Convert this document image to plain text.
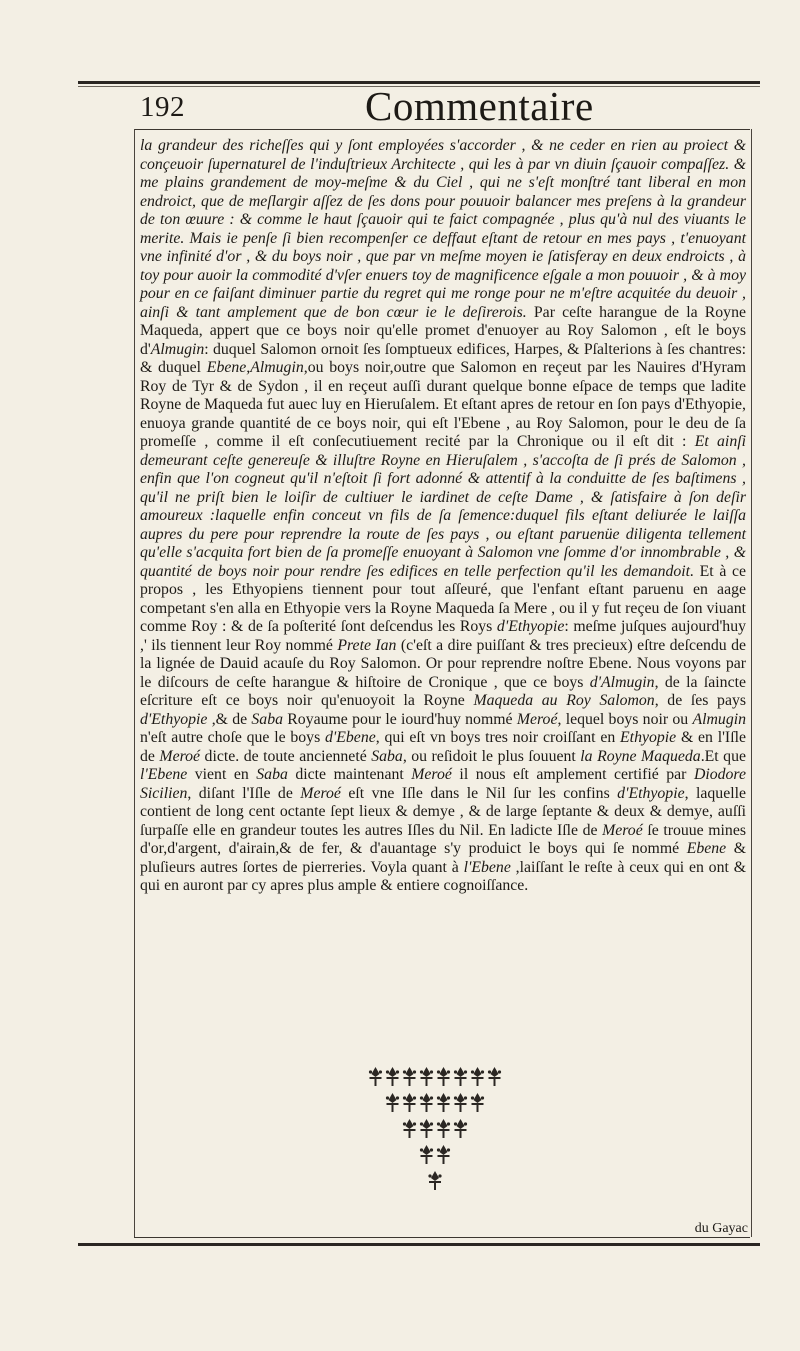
192	Commentaire

la grandeur des richeſſes qui y ſont employées s'accorder , & ne ceder en rien au proiect & conçeuoir ſupernaturel de l'induſtrieux Architecte , qui les à par vn diuin ſçauoir compaſſez. & me plains grandement de moy-meſme & du Ciel , qui ne s'eſt monſtré tant liberal en mon endroict, que de meſlargir aſſez de ſes dons pour pouuoir balancer mes preſens à la grandeur de ton œuure : & comme le haut ſçauoir qui te faict compagnée , plus qu'à nul des viuants le merite. Mais ie penſe ſi bien recompenſer ce deffaut eſtant de retour en mes pays , t'enuoyant vne infinité d'or , & du boys noir , que par vn meſme moyen ie ſatisferay en deux endroicts , à toy pour auoir la commodité d'vſer enuers toy de magnificence eſgale a mon pouuoir , & à moy pour en ce faiſant diminuer partie du regret qui me ronge pour ne m'eſtre acquitée du deuoir , ainſi & tant amplement que de bon cœur ie le deſirerois. Par ceſte harangue de la Royne Maqueda, appert que ce boys noir qu'elle promet d'enuoyer au Roy Salomon , eſt le boys d'Almugin: duquel Salomon ornoit ſes ſomptueux edifices, Harpes, & Pſalterions à ſes chantres: & duquel Ebene,Almugin,ou boys noir,outre que Salomon en reçeut par les Nauires d'Hyram Roy de Tyr & de Sydon , il en reçeut auſſi durant quelque bonne eſpace de temps que ladite Royne de Maqueda fut auec luy en Hieruſalem. Et eſtant apres de retour en ſon pays d'Ethyopie, enuoya grande quantité de ce boys noir, qui eſt l'Ebene , au Roy Salomon, pour le deu de ſa promeſſe , comme il eſt conſecutiuement recité par la Chronique ou il eſt dit : Et ainſi demeurant ceſte genereuſe & illuſtre Royne en Hieruſalem , s'accoſta de ſi prés de Salomon , enfin que l'on cogneut qu'il n'eſtoit ſi fort adonné & attentif à la conduitte de ſes baſtimens , qu'il ne priſt bien le loiſir de cultiuer le iardinet de ceſte Dame , & ſatisfaire à ſon deſir amoureux :laquelle enfin conceut vn fils de ſa ſemence:duquel fils eſtant deliurée le laiſſa aupres du pere pour reprendre la route de ſes pays , ou eſtant paruenüe diligenta tellement qu'elle s'acquita fort bien de ſa promeſſe enuoyant à Salomon vne ſomme d'or innombrable , & quantité de boys noir pour rendre ſes edifices en telle perfection qu'il les demandoit. Et à ce propos , les Ethyopiens tiennent pour tout aſſeuré, que l'enfant eſtant paruenu en aage competant s'en alla en Ethyopie vers la Royne Maqueda ſa Mere , ou il y fut reçeu de ſon viuant comme Roy : & de ſa poſterité ſont deſcendus les Roys d'Ethyopie: meſme juſques aujourd'huy ,' ils tiennent leur Roy nommé Prete Ian (c'eſt a dire puiſſant & tres precieux) eſtre deſcendu de la lignée de Dauid acauſe du Roy Salomon. Or pour reprendre noſtre Ebene. Nous voyons par le diſcours de ceſte harangue & hiſtoire de Cronique , que ce boys d'Almugin, de la ſaincte eſcriture eſt ce boys noir qu'enuoyoit la Royne Maqueda au Roy Salomon, de ſes pays d'Ethyopie ,& de Saba Royaume pour le iourd'huy nommé Meroé, lequel boys noir ou Almugin n'eſt autre choſe que le boys d'Ebene, qui eſt vn boys tres noir croiſſant en Ethyopie & en l'Iſle de Meroé dicte. de toute ancienneté Saba, ou reſidoit le plus ſouuent la Royne Maqueda.Et que l'Ebene vient en Saba dicte maintenant Meroé il nous eſt amplement certifié par Diodore Sicilien, diſant l'Iſle de Meroé eſt vne Iſle dans le Nil ſur les confins d'Ethyopie, laquelle contient de long cent octante ſept lieux & demye , & de large ſeptante & deux & demye, auſſi ſurpaſſe elle en grandeur toutes les autres Iſles du Nil. En ladicte Iſle de Meroé ſe trouue mines d'or,d'argent, d'airain,& de fer, & d'auantage s'y produict le boys qui ſe nommé Ebene & pluſieurs autres ſortes de pierreries. Voyla quant à l'Ebene ,laiſſant le reſte à ceux qui en ont & qui en auront par cy apres plus ample & entiere cognoiſſance.

du Gayac
